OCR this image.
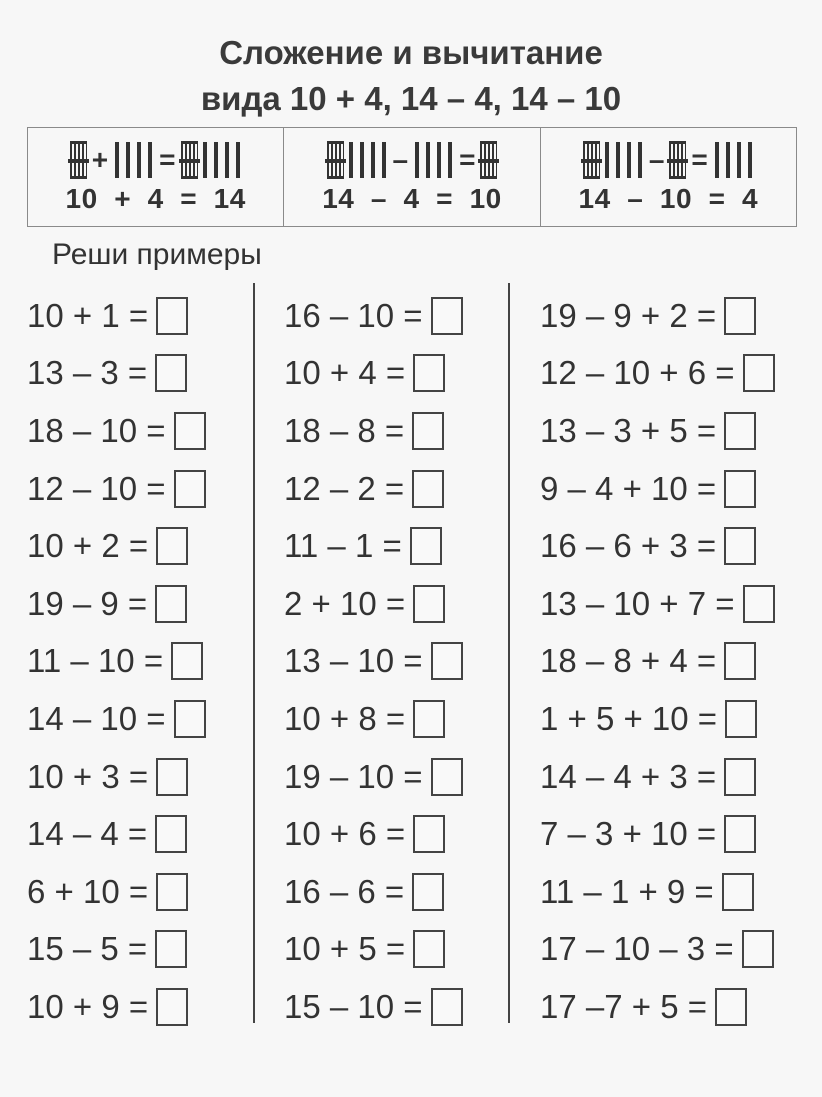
Сложение и вычитание
вида 10 + 4, 14 – 4, 14 – 10
+ =
10  +  4  =  14
– =
14  –  4  =  10
– =
14  –  10  =  4

Реши примеры

10 + 1 =
13 – 3 =
18 – 10 =
12 – 10 =
10 + 2 =
19 – 9 =
11 – 10 =
14 – 10 =
10 + 3 =
14 – 4 =
6 + 10 =
15 – 5 =
10 + 9 =
16 – 10 =
10 + 4 =
18 – 8 =
12 – 2 =
11 – 1 =
2 + 10 =
13 – 10 =
10 + 8 =
19 – 10 =
10 + 6 =
16 – 6 =
10 + 5 =
15 – 10 =
19 – 9 + 2 =
12 – 10 + 6 =
13 – 3 + 5 =
9 – 4 + 10 =
16 – 6 + 3 =
13 – 10 + 7 =
18 – 8 + 4 =
1 + 5 + 10 =
14 – 4 + 3 =
7 – 3 + 10 =
11 – 1 + 9 =
17 – 10 – 3 =
17 –7 + 5 =
